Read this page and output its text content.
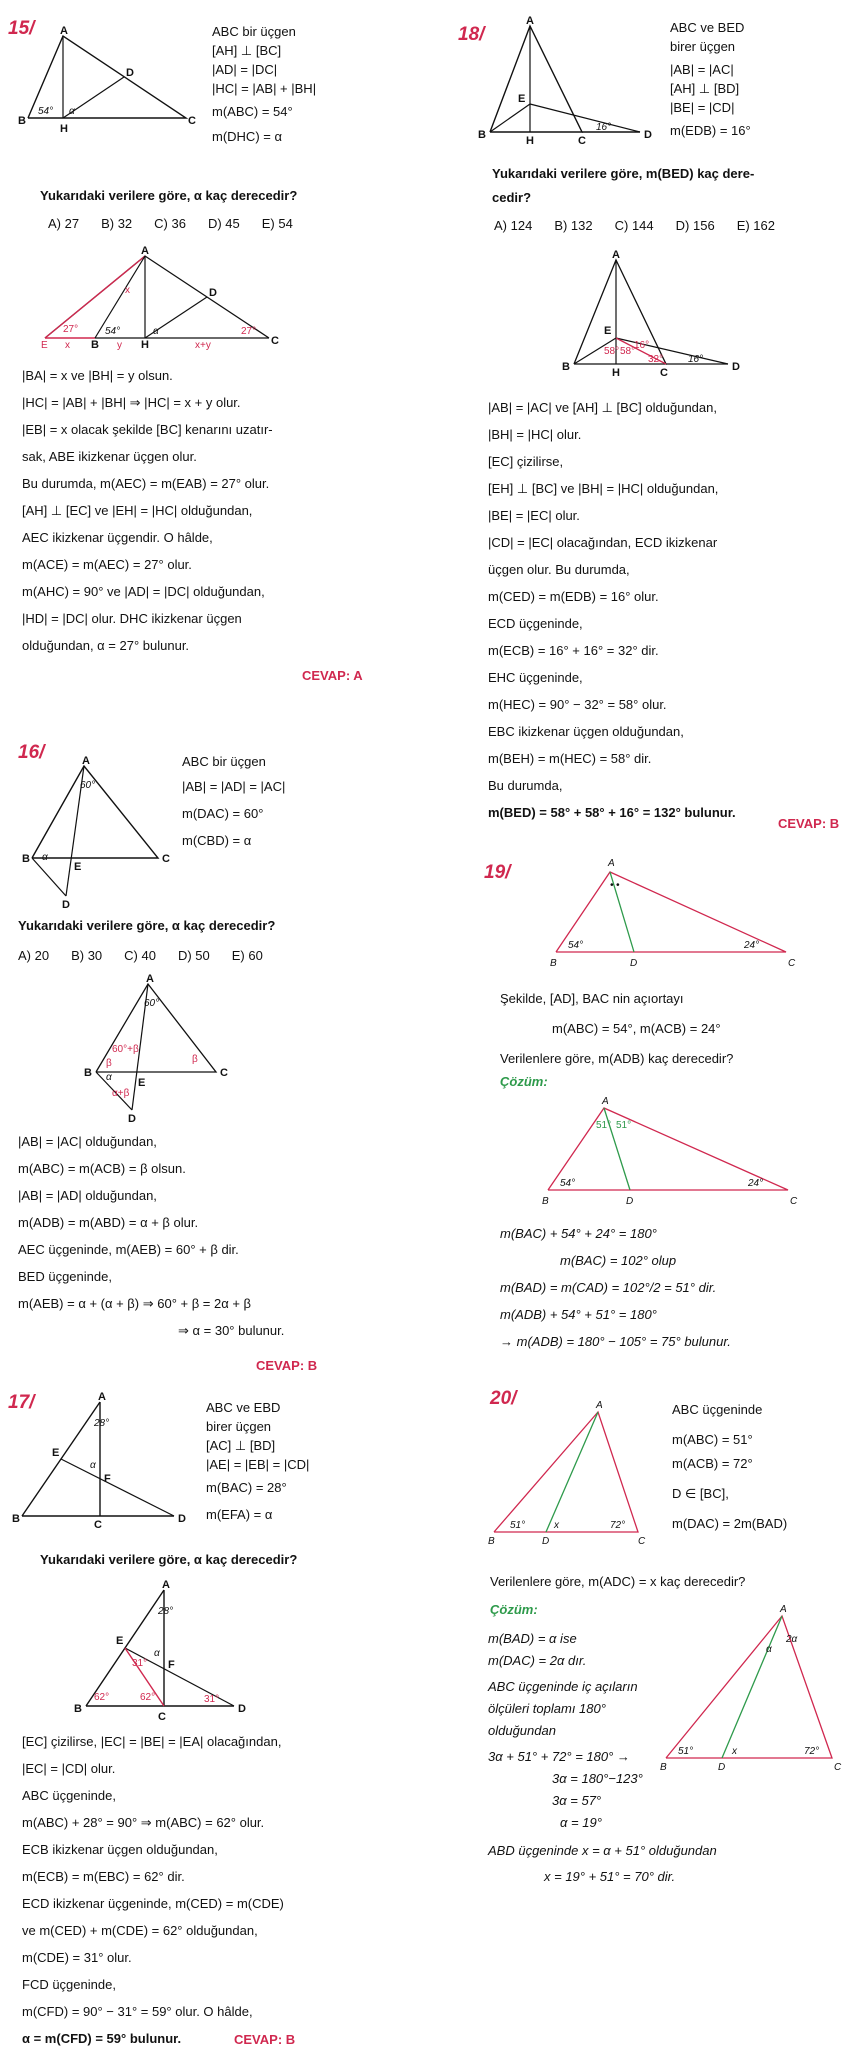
15/ A
B	C
D
H
54° α
ABC bir üçgen
[AH] ⊥ [BC]
|AD| = |DC|
|HC| = |AB| + |BH|
m(ABC) = 54°
m(DHC) = α
Yukarıdaki verilere göre, α kaç derecedir?
A) 27 B) 32 C) 36 D) 45 E) 54
A
E	B	H	C
D
27°
x
x	y	x+y
54°	27°
α
|BA| = x ve |BH| = y olsun.
|HC| = |AB| + |BH| ⇒ |HC| = x + y olur.
|EB| = x olacak şekilde [BC] kenarını uzatır-
sak, ABE ikizkenar üçgen olur.
Bu durumda, m(AEC) = m(EAB) = 27° olur.
[AH] ⊥ [EC] ve |EH| = |HC| olduğundan,
AEC ikizkenar üçgendir. O hâlde,
m(ACE) = m(AEC) = 27° olur.
m(AHC) = 90° ve |AD| = |DC| olduğundan,
|HD| = |DC| olur. DHC ikizkenar üçgen
olduğundan, α = 27° bulunur.
CEVAP: A
16/	A
B	C
E
D
60°
α
ABC bir üçgen
|AB| = |AD| = |AC|
m(DAC) = 60°
m(CBD) = α
Yukarıdaki verilere göre, α kaç derecedir?
A) 20 B) 30 C) 40 D) 50 E) 60
A
B	C
E
D
60°
60°+β
β
β
α
α+β
|AB| = |AC| olduğundan,
m(ABC) = m(ACB) = β olsun.
|AB| = |AD| olduğundan,
m(ADB) = m(ABD) = α + β olur.
AEC üçgeninde, m(AEB) = 60° + β dir.
BED üçgeninde,
m(AEB) = α + (α + β) ⇒ 60° + β = 2α + β
⇒ α = 30° bulunur.
CEVAP: B
17/	A
B	C	D
E
F
28°
α
ABC ve EBD
birer üçgen
[AC] ⊥ [BD]
|AE| = |EB| = |CD|
m(BAC) = 28°
m(EFA) = α
Yukarıdaki verilere göre, α kaç derecedir?
A
B
C
D
E
F
28°
α
31°
62°	62°	31°
[EC] çizilirse, |EC| = |BE| = |EA| olacağından,
|EC| = |CD| olur.
ABC üçgeninde,
m(ABC) + 28° = 90° ⇒ m(ABC) = 62° olur.
ECB ikizkenar üçgen olduğundan,
m(ECB) = m(EBC) = 62° dir.
ECD ikizkenar üçgeninde, m(CED) = m(CDE)
ve m(CED) + m(CDE) = 62° olduğundan,
m(CDE) = 31° olur.
FCD üçgeninde,
m(CFD) = 90° − 31° = 59° olur. O hâlde,
α = m(CFD) = 59° bulunur.	CEVAP: B
18/
A
B	H	C	D
E
16°
ABC ve BED
birer üçgen
|AB| = |AC|
[AH] ⊥ [BD]
|BE| = |CD|
m(EDB) = 16°
Yukarıdaki verilere göre, m(BED) kaç dere-
cedir?
A) 124 B) 132 C) 144 D) 156 E) 162
A
B	H	C	D
E
58° 58°
16°
32° 16°
|AB| = |AC| ve [AH] ⊥ [BC] olduğundan,
|BH| = |HC| olur.
[EC] çizilirse,
[EH] ⊥ [BC] ve |BH| = |HC| olduğundan,
|BE| = |EC| olur.
|CD| = |EC| olacağından, ECD ikizkenar
üçgen olur. Bu durumda,
m(CED) = m(EDB) = 16° olur.
ECD üçgeninde,
m(ECB) = 16° + 16° = 32° dir.
EHC üçgeninde,
m(HEC) = 90° − 32° = 58° olur.
EBC ikizkenar üçgen olduğundan,
m(BEH) = m(HEC) = 58° dir.
Bu durumda,
m(BED) = 58° + 58° + 16° = 132° bulunur.
CEVAP: B
19/	A
B	D	C
54°	24°
• •
Şekilde, [AD], BAC nin açıortayı
m(ABC) = 54°, m(ACB) = 24°
Verilenlere göre, m(ADB) kaç derecedir?
Çözüm:
A
B	D	C
54°	24°
51° 51°
m(BAC) + 54° + 24° = 180°
m(BAC) = 102° olup
m(BAD) = m(CAD) = 102°/2 = 51° dir.
m(ADB) + 54° + 51° = 180°
→ m(ADB) = 180° − 105° = 75° bulunur.
20/	A
B	D	C
51°	x	72°
ABC üçgeninde
m(ABC) = 51°
m(ACB) = 72°
D ∈ [BC],
m(DAC) = 2m(BAD)
Verilenlere göre, m(ADC) = x kaç derecedir?
Çözüm:	A
B	D	C
51°	x	72°
α
2α
m(BAD) = α ise
m(DAC) = 2α dır.
ABC üçgeninde iç açıların
ölçüleri toplamı 180°
olduğundan
3α + 51° + 72° = 180° →
3α = 180°−123°
3α = 57°
α = 19°
ABD üçgeninde x = α + 51° olduğundan
x = 19° + 51° = 70° dir.
